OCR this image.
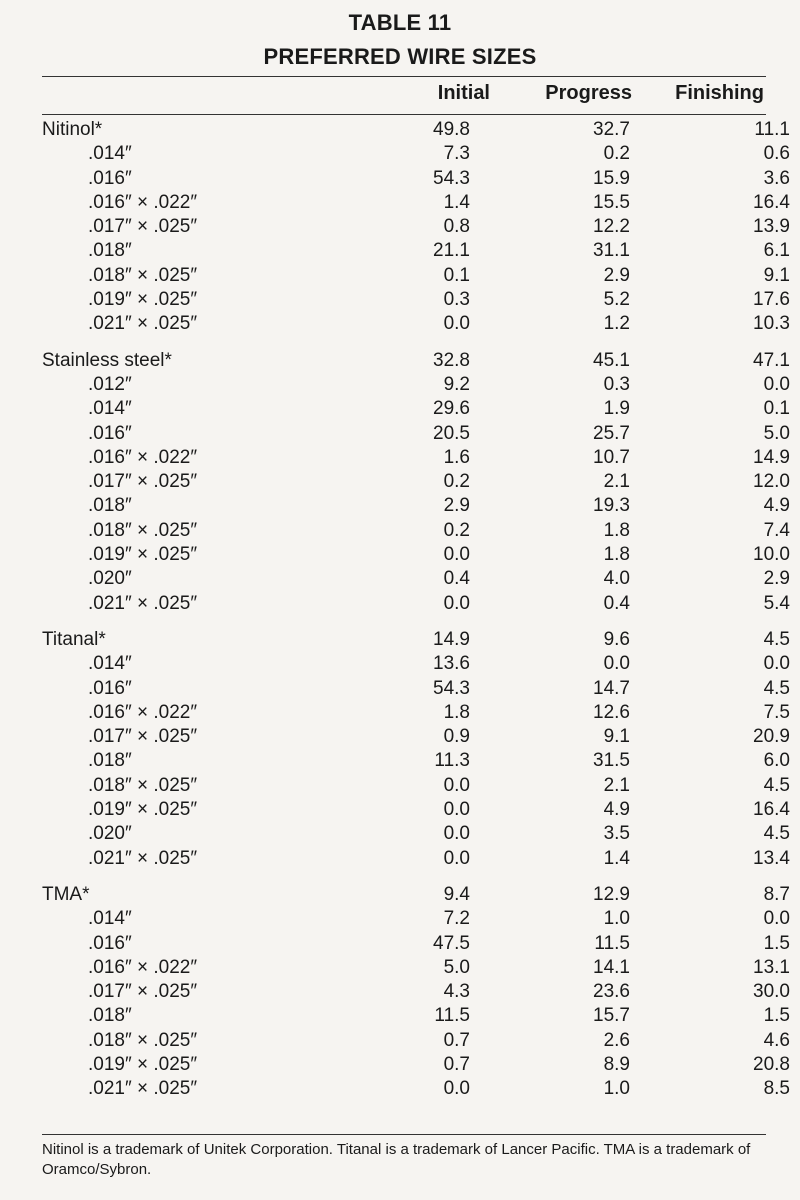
TABLE 11
PREFERRED WIRE SIZES
Initial	Progress	Finishing
Nitinol*	49.8	32.7	11.1
.014″	7.3	0.2	0.6
.016″	54.3	15.9	3.6
.016″ × .022″	1.4	15.5	16.4
.017″ × .025″	0.8	12.2	13.9
.018″	21.1	31.1	6.1
.018″ × .025″	0.1	2.9	9.1
.019″ × .025″	0.3	5.2	17.6
.021″ × .025″	0.0	1.2	10.3

Stainless steel*	32.8	45.1	47.1
.012″	9.2	0.3	0.0
.014″	29.6	1.9	0.1
.016″	20.5	25.7	5.0
.016″ × .022″	1.6	10.7	14.9
.017″ × .025″	0.2	2.1	12.0
.018″	2.9	19.3	4.9
.018″ × .025″	0.2	1.8	7.4
.019″ × .025″	0.0	1.8	10.0
.020″	0.4	4.0	2.9
.021″ × .025″	0.0	0.4	5.4

Titanal*	14.9	9.6	4.5
.014″	13.6	0.0	0.0
.016″	54.3	14.7	4.5
.016″ × .022″	1.8	12.6	7.5
.017″ × .025″	0.9	9.1	20.9
.018″	11.3	31.5	6.0
.018″ × .025″	0.0	2.1	4.5
.019″ × .025″	0.0	4.9	16.4
.020″	0.0	3.5	4.5
.021″ × .025″	0.0	1.4	13.4

TMA*	9.4	12.9	8.7
.014″	7.2	1.0	0.0
.016″	47.5	11.5	1.5
.016″ × .022″	5.0	14.1	13.1
.017″ × .025″	4.3	23.6	30.0
.018″	11.5	15.7	1.5
.018″ × .025″	0.7	2.6	4.6
.019″ × .025″	0.7	8.9	20.8
.021″ × .025″	0.0	1.0	8.5
Nitinol is a trademark of Unitek Corporation. Titanal is a trademark of Lancer Pacific. TMA is a trademark of Oramco/Sybron.
